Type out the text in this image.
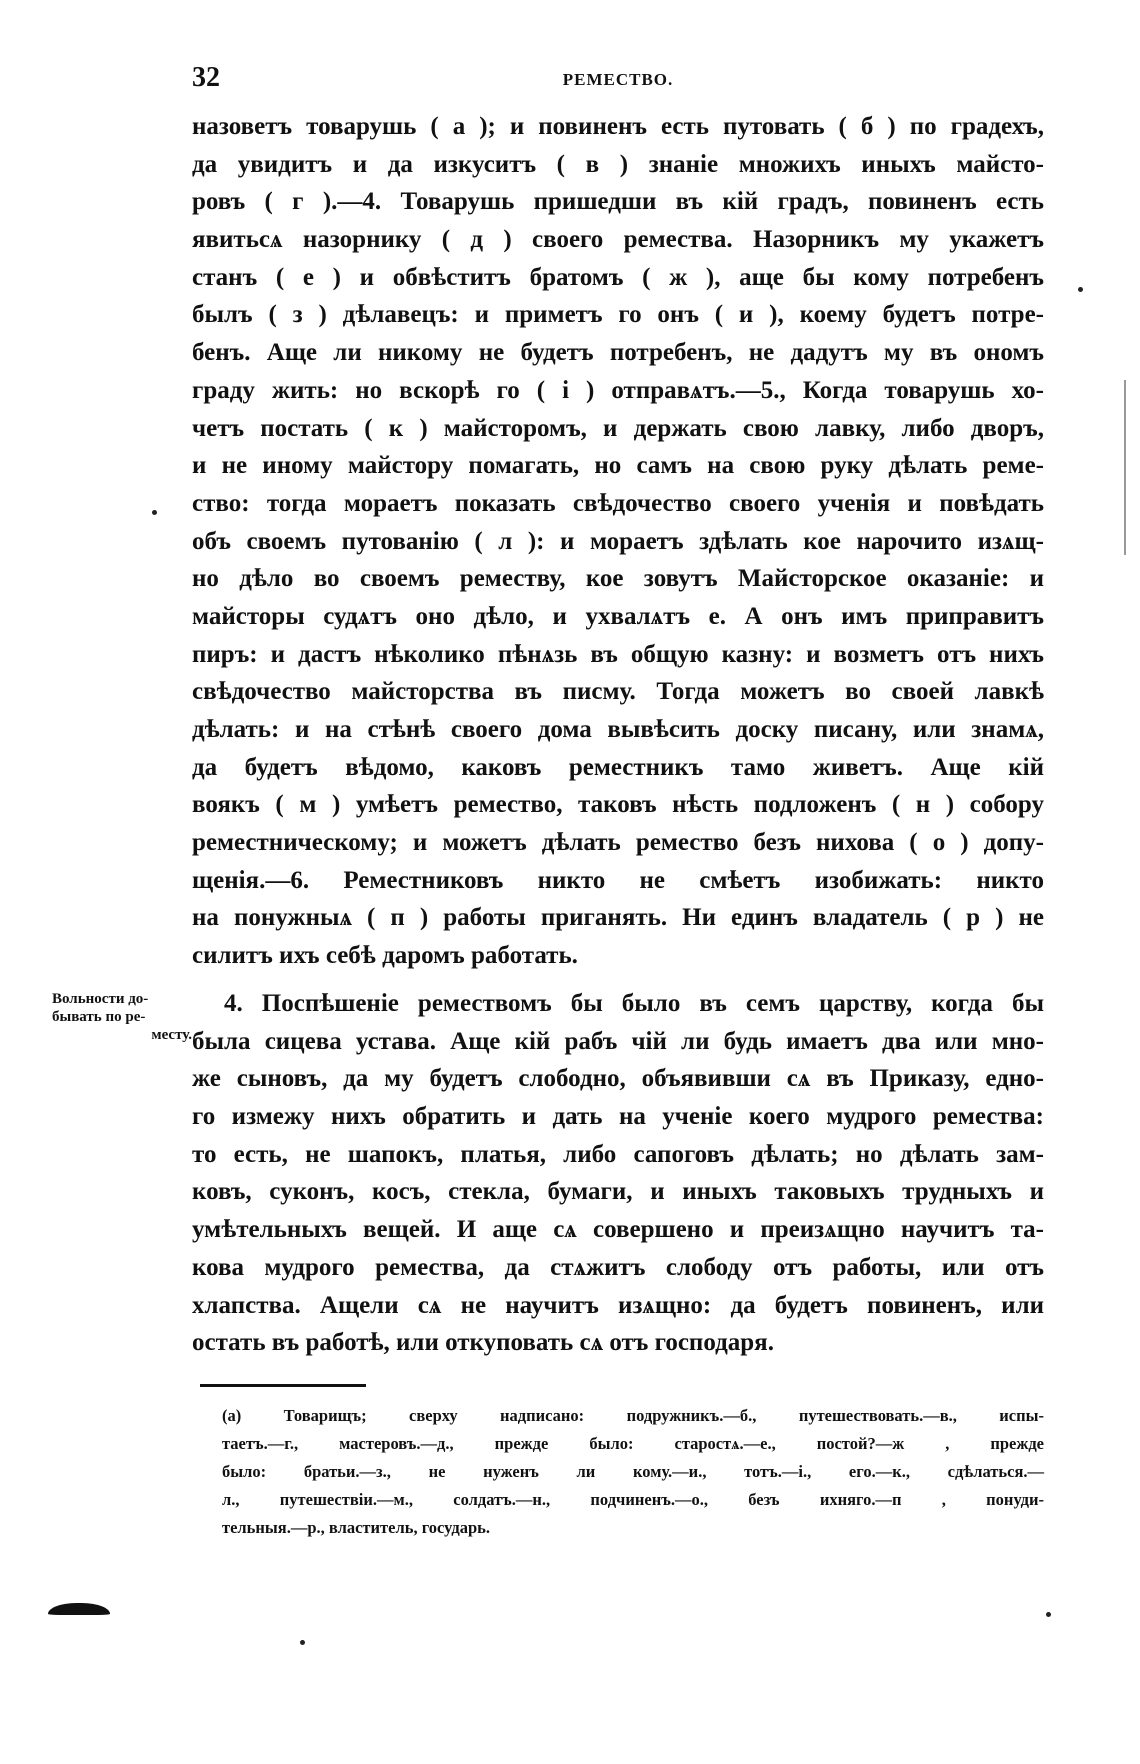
32	РЕМЕСТВО.
назоветъ товарушь ( а ); и повиненъ есть путовать ( б ) по градехъ,
да увидитъ и да изкуситъ ( в ) знаніе множихъ иныхъ майсто-
ровъ ( г ).—4. Товарушь пришедши въ кій градъ, повиненъ есть
явитьсѧ назорнику ( д ) своего ремества. Назорникъ му укажетъ
станъ ( е ) и обвѣститъ братомъ ( ж ), аще бы кому потребенъ
былъ ( з ) дѣлавецъ: и приметъ го онъ ( и ), коему будетъ потре-
бенъ. Аще ли никому не будетъ потребенъ, не дадутъ му въ ономъ
граду жить: но вскорѣ го ( і ) отправѧтъ.—5., Когда товарушь хо-
четъ постать ( к ) майсторомъ, и держать свою лавку, либо дворъ,
и не иному майстору помагать, но самъ на свою руку дѣлать реме-
ство: тогда мораетъ показать свѣдочество своего ученія и повѣдать
объ своемъ путованію ( л ): и мораетъ здѣлать кое нарочито изѧщ-
но дѣло во своемъ реместву, кое зовутъ Майсторское оказаніе: и
майсторы судѧтъ оно дѣло, и ухвалѧтъ е. А онъ имъ приправитъ
пиръ: и дастъ нѣколико пѣнѧзь въ общую казну: и возметъ отъ нихъ
свѣдочество майсторства въ писму. Тогда можетъ во своей лавкѣ
дѣлать: и на стѣнѣ своего дома вывѣсить доску писану, или знамѧ,
да будетъ вѣдомо, каковъ реместникъ тамо живетъ. Аще кій
воякъ ( м ) умѣетъ ремество, таковъ нѣсть подложенъ ( н ) собору
реместническому; и можетъ дѣлать ремество безъ нихова ( о ) допу-
щенія.—6. Реместниковъ никто не смѣетъ изобижать: никто
на понужныѧ ( п ) работы приганять. Ни единъ владатель ( р ) не
силитъ ихъ себѣ даромъ работать.
Вольности до-
бывать по ре-
месту.
4. Поспѣшеніе ремествомъ бы было въ семъ царству, когда бы
была сицева устава. Аще кій рабъ чій ли будь имаетъ два или мно-
же сыновъ, да му будетъ слободно, объявивши сѧ въ Приказу, едно-
го измежу нихъ обратить и дать на ученіе коего мудрого ремества:
то есть, не шапокъ, платья, либо сапоговъ дѣлать; но дѣлать зам-
ковъ, суконъ, косъ, стекла, бумаги, и иныхъ таковыхъ трудныхъ и
умѣтельныхъ вещей. И аще сѧ совершено и преизѧщно научитъ та-
кова мудрого ремества, да стѧжитъ слободу отъ работы, или отъ
хлапства. Ащели сѧ не научитъ изѧщно: да будетъ повиненъ, или
остать въ работѣ, или откуповать сѧ отъ господаря.
(а) Товарищъ; сверху надписано: подружникъ.—б., путешествовать.—в., испы-
таетъ.—г., мастеровъ.—д., прежде было: старостѧ.—е., постой?—ж , прежде
было: братьи.—з., не нуженъ ли кому.—и., тотъ.—і., его.—к., сдѣлаться.—
л., путешествіи.—м., солдатъ.—н., подчиненъ.—о., безъ ихняго.—п , понуди-
тельныя.—р., властитель, государь.
